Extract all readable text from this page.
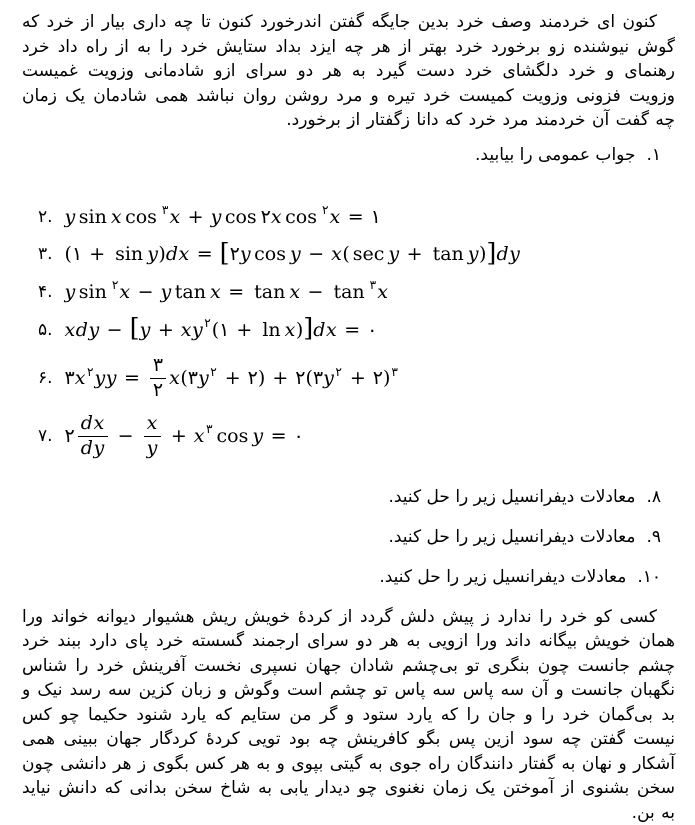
کنون ای خردمند وصف خرد بدین جایگه گفتن اندرخورد کنون تا چه داری بیار از خرد که گوش نیوشنده زو برخورد خرد بهتر از هر چه ایزد بداد ستایش خرد را به از راه داد خرد رهنمای و خرد دلگشای خرد دست گیرد به هر دو سرای ازو شادمانی وزویت غمیست وزویت فزونی وزویت کمیست خرد تیره و مرد روشن روان نباشد همی شادمان یک زمان چه گفت آن خردمند مرد خرد که دانا زگفتار از برخورد.

۱.جواب عمومی را بیابید.
۲. y sin x cos ۳ x + y cos ۲ x cos ۲ x = ۱
۳. ( ۱ + sin y ) d x = [ ۲ y cos y − x ( sec y + tan y ) ] d y
۴. y sin ۲ x − y tan x = tan x − tan ۳ x
۵. x d y − [ y + x y ۲ ( ۱ + ln x ) ] d x = ۰
۶. ۳ x ۲ y $y = \frac{۳}{۲}$ x ( ۳ y ۲ + ۲ ) + ۲ ( ۳ y ۲ + ۲ ) ۳
۷. ۲ $\frac{dx}{dy} - \frac{x}{y} + x$ ۳ cos y = ۰
۸.معادلات دیفرانسیل زیر را حل کنید.
۹.معادلات دیفرانسیل زیر را حل کنید.
۱۰.معادلات دیفرانسیل زیر را حل کنید.

کسی کو خرد را ندارد ز پیش دلش گردد از کردهٔ خویش ریش هشیوار دیوانه خواند ورا همان خویش بیگانه داند ورا ازویی به هر دو سرای ارجمند گسسته خرد پای دارد ببند خرد چشم جانست چون بنگری تو بی‌چشم شادان جهان نسپری نخست آفرینش خرد را شناس نگهبان جانست و آن سه پاس سه پاس تو چشم است وگوش و زبان کزین سه رسد نیک و بد بی‌گمان خرد را و جان را که یارد ستود و گر من ستایم که یارد شنود حکیما چو کس نیست گفتن چه سود ازین پس بگو کافرینش چه بود تویی کردهٔ کردگار جهان ببینی همی آشکار و نهان به گفتار دانندگان راه جوی به گیتی بپوی و به هر کس بگوی ز هر دانشی چون سخن بشنوی از آموختن یک زمان نغنوی چو دیدار یابی به شاخ سخن بدانی که دانش نیاید به بن.
